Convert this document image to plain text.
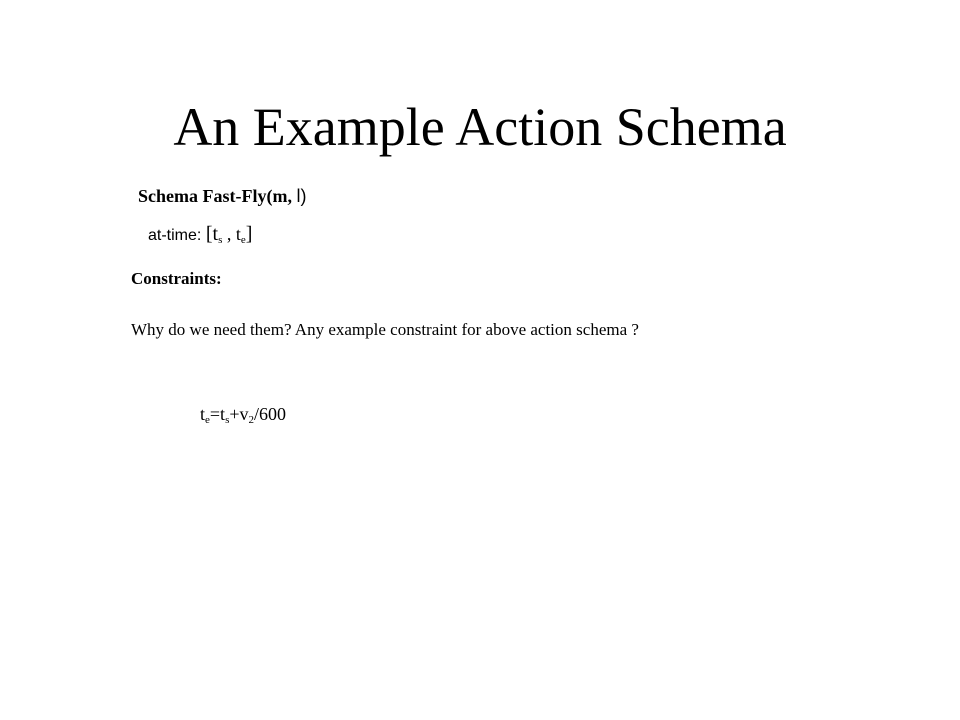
An Example Action Schema
Schema Fast-Fly(m, l)
at-time: [$t_s$ , $t_e$]
Constraints:
Why do we need them? Any example constraint for above action schema ?
$t_e=t_s+v_2/600$
